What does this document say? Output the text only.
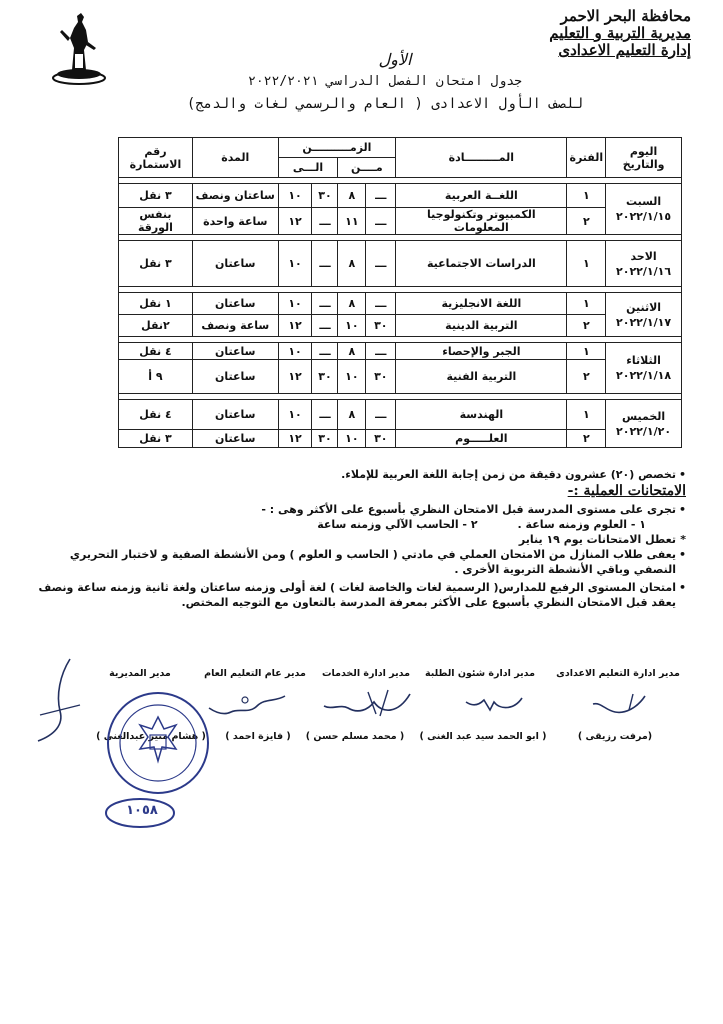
محافظة البحر الاحمر
مديرية التربية و التعليم
إدارة التعليم الاعدادى
الأول
جدول امتحان الفصل الدراسي ٢٠٢٢/٢٠٢١
للصف الأول الاعدادى ( العام والرسمي لغات والدمج)
اليوم والتاريخ	الفترة	المـــــــــادة	الزمــــــــــن				المدة	رقم الاستمارة
			مــــن		الـــى			

السبت
٢٠٢٢/١/١٥	١	اللغــة العربية	ـــ	٨	٣٠	١٠	ساعتان ونصف	٣ نقل
	٢	الكمبيوتر وتكنولوجيا المعلومات	ـــ	١١	ـــ	١٢	ساعة واحدة	بنفس الورقة

الاحد
٢٠٢٢/١/١٦	١	الدراسات الاجتماعية	ـــ	٨	ـــ	١٠	ساعتان	٣ نقل

الاثنين
٢٠٢٢/١/١٧	١	اللغة الانجليزية	ـــ	٨	ـــ	١٠	ساعتان	١ نقل
	٢	التربية الدينية	٣٠	١٠	ـــ	١٢	ساعة ونصف	٢نقل

الثلاثاء
٢٠٢٢/١/١٨	١	الجبر والإحصاء	ـــ	٨	ـــ	١٠	ساعتان	٤ نقل
	٢	التربية الفنية	٣٠	١٠	٣٠	١٢	ساعتان	٩ أ

الخميس
٢٠٢٢/١/٢٠	١	الهندسة	ـــ	٨	ـــ	١٠	ساعتان	٤ نقل
	٢	العلـــــوم	٣٠	١٠	٣٠	١٢	ساعتان	٣ نقل
•
تخصص (٢٠) عشرون دقيقة من زمن إجابة اللغة العربية للإملاء.
الامتحانات العملية :-
•
تجرى على مستوى المدرسة قبل الامتحان النظري بأسبوع على الأكثر وهى : -
١ - العلوم وزمنه ساعة .
٢ - الحاسب الآلي وزمنه ساعة
*
تعطل الامتحانات يوم ١٩ يناير
•
يعفى طلاب المنازل من الامتحان العملي في مادتي ( الحاسب و العلوم ) ومن الأنشطة الصفية و لاختبار التحريري النصفي وباقي الأنشطة التربوية الأخرى .
•
امتحان المستوى الرفيع للمدارس( الرسمية لغات والخاصة لغات ) لغة أولى وزمنه ساعتان ولغة ثانية وزمنه ساعة ونصف يعقد قبل الامتحان النظري بأسبوع على الأكثر بمعرفة المدرسة بالتعاون مع التوجيه المختص.
مدير ادارة التعليم الاعدادى
مدير ادارة شئون الطلبة
مدير ادارة الخدمات
مدير عام التعليم العام
مدير المديرية
(مرفت رزيقى )
( ابو الحمد سيد عبد الغنى )
( محمد مسلم حسن )
( فايزة احمد )
( هشام منير عبدالغنى )
١٠٥٨
